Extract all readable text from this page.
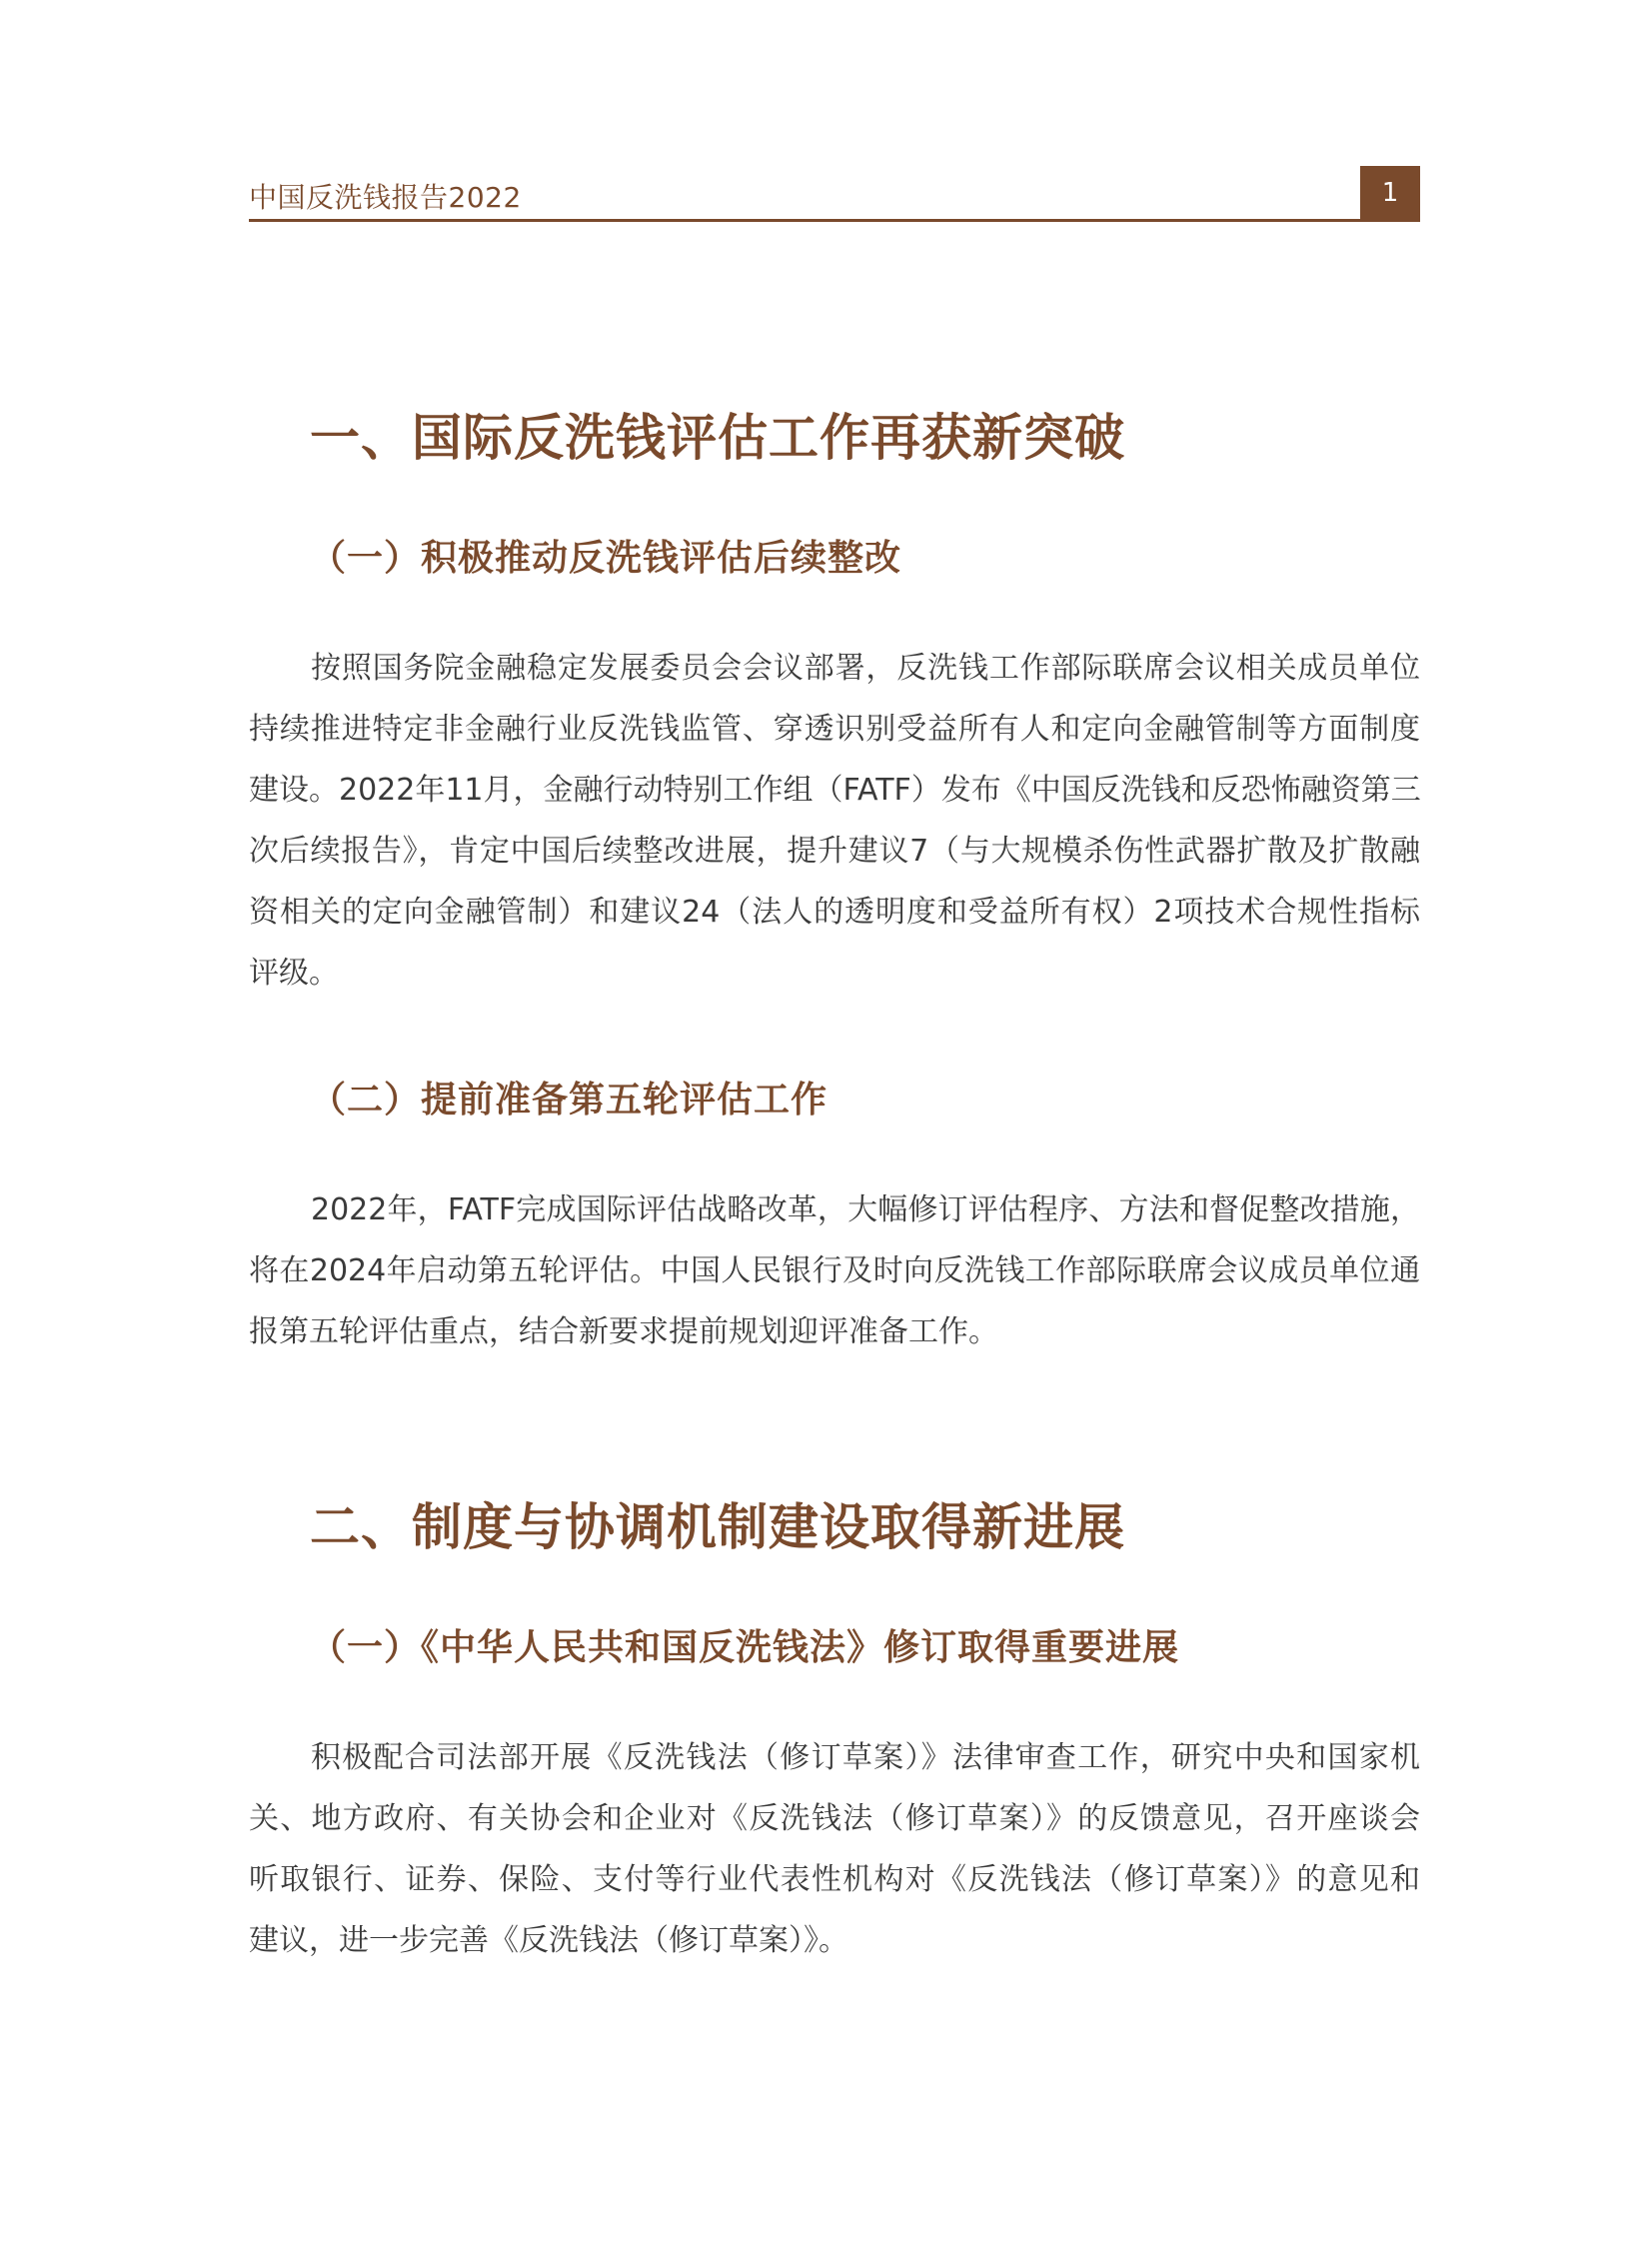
中国反洗钱报告2022	1
一、国际反洗钱评估工作再获新突破
（一）积极推动反洗钱评估后续整改
按照国务院金融稳定发展委员会会议部署，反洗钱工作部际联席会议相关成员单位
持续推进特定非金融行业反洗钱监管、穿透识别受益所有人和定向金融管制等方面制度
建设。2022年11月，金融行动特别工作组（FATF）发布《中国反洗钱和反恐怖融资第三
次后续报告》，肯定中国后续整改进展，提升建议7（与大规模杀伤性武器扩散及扩散融
资相关的定向金融管制）和建议24（法人的透明度和受益所有权）2项技术合规性指标
评级。
（二）提前准备第五轮评估工作
2022年，FATF完成国际评估战略改革，大幅修订评估程序、方法和督促整改措施，
将在2024年启动第五轮评估。中国人民银行及时向反洗钱工作部际联席会议成员单位通
报第五轮评估重点，结合新要求提前规划迎评准备工作。
二、制度与协调机制建设取得新进展
（一）《中华人民共和国反洗钱法》修订取得重要进展
积极配合司法部开展《反洗钱法（修订草案）》法律审查工作，研究中央和国家机
关、地方政府、有关协会和企业对《反洗钱法（修订草案）》的反馈意见，召开座谈会
听取银行、证券、保险、支付等行业代表性机构对《反洗钱法（修订草案）》的意见和
建议，进一步完善《反洗钱法（修订草案）》。
